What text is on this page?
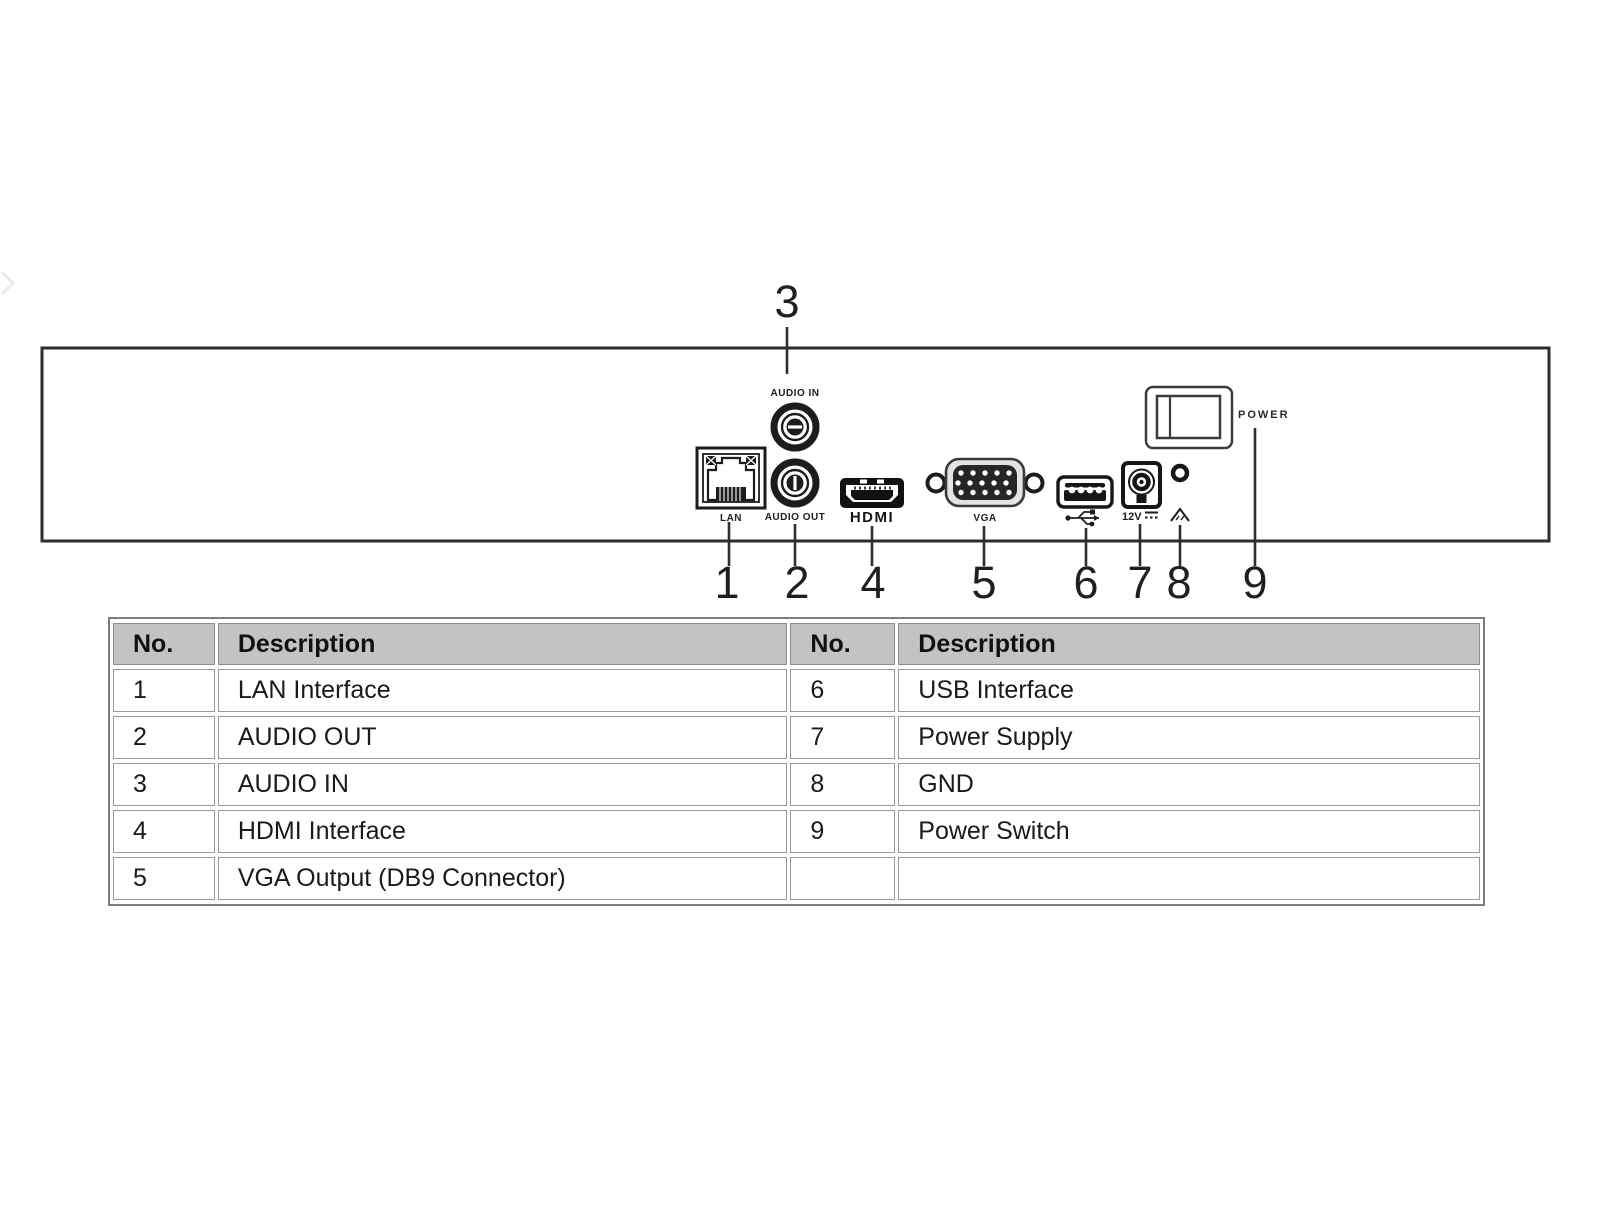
3
AUDIO IN
AUDIO OUT
LAN	HDMI	VGA	12V
POWER
1 2 4 5 6 7 8 9
No.	Description	No.	Description
1	LAN Interface	6	USB Interface
2	AUDIO OUT	7	Power Supply
3	AUDIO IN	8	GND
4	HDMI Interface	9	Power Switch
5	VGA Output (DB9 Connector)		
